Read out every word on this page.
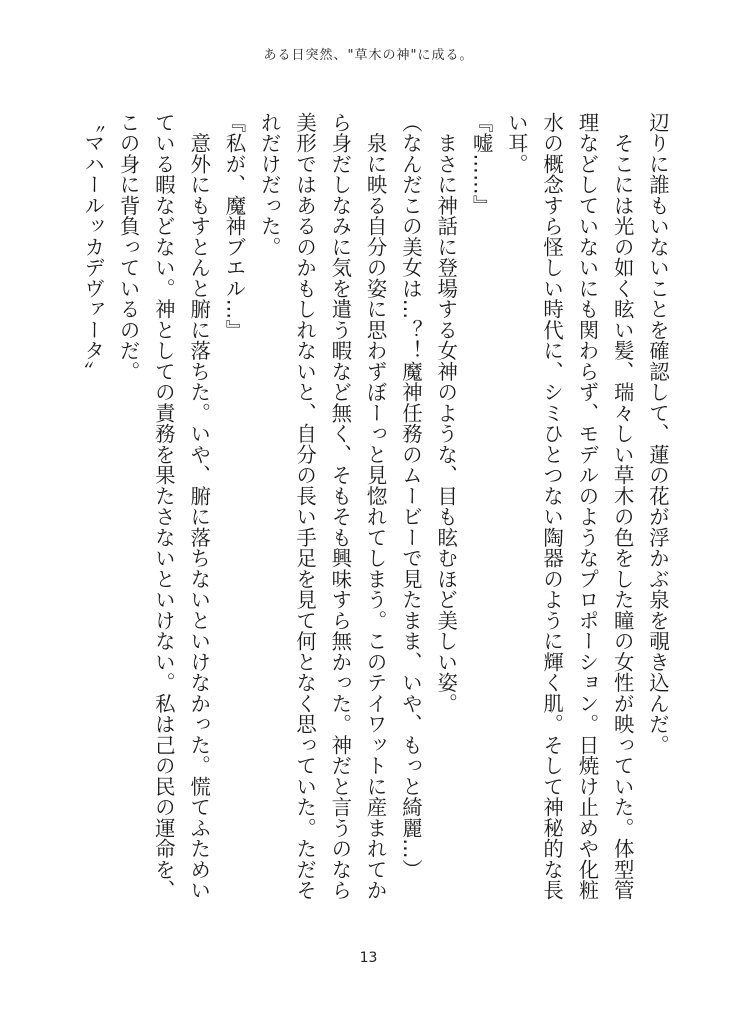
ある日突然、"草木の神"に成る。
辺りに誰もいないことを確認して、蓮の花が浮かぶ泉を覗き込んだ。
　そこには光の如く眩い髪、瑞々しい草木の色をした瞳の女性が映っていた。体型管
理などしていないにも関わらず、モデルのようなプロポーション。日焼け止めや化粧
水の概念すら怪しい時代に、シミひとつない陶器のように輝く肌。そして神秘的な長
い耳。
『嘘……』
　まさに神話に登場する女神のような、目も眩むほど美しい姿。
（なんだこの美女は…？！魔神任務のムービーで見たまま、いや、もっと綺麗…）
　泉に映る自分の姿に思わずぼーっと見惚れてしまう。このテイワットに産まれてか
ら身だしなみに気を遣う暇など無く、そもそも興味すら無かった。神だと言うのなら
美形ではあるのかもしれないと、自分の長い手足を見て何となく思っていた。ただそ
れだけだった。
『私が、魔神ブエル…』
　意外にもすとんと腑に落ちた。いや、腑に落ちないといけなかった。慌てふためい
ている暇などない。神としての責務を果たさないといけない。私は己の民の運命を、
この身に背負っているのだ。
〝マハールッカデヴァータ〟
13
